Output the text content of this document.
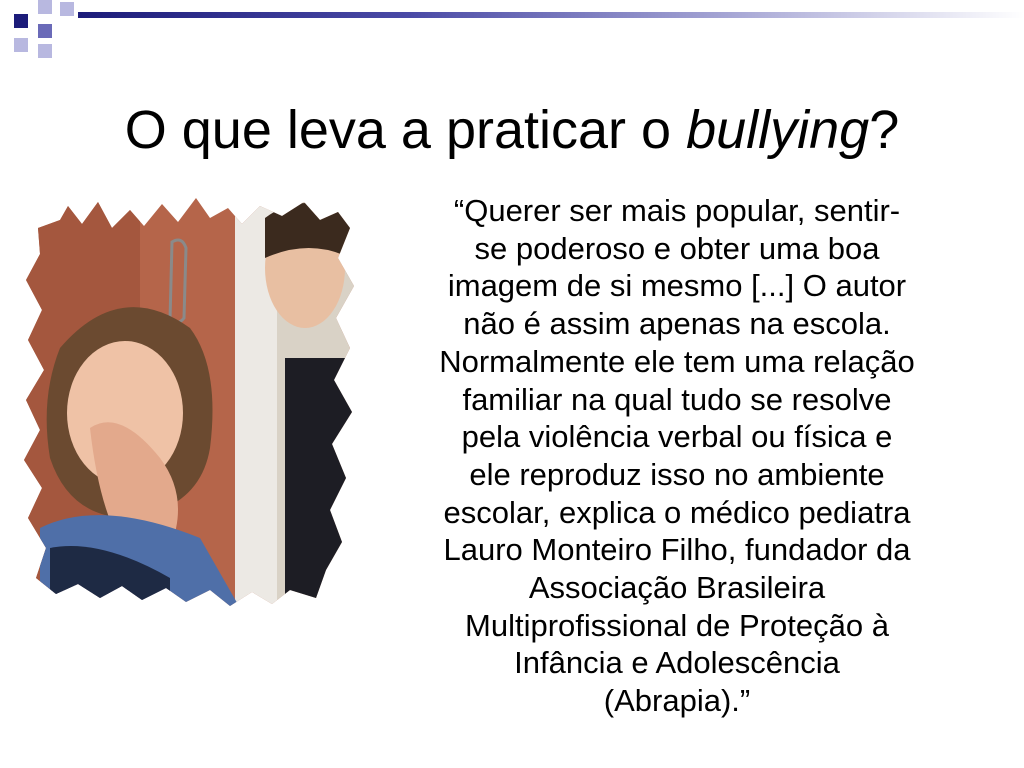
O que leva a praticar o bullying?
“Querer ser mais popular, sentir-
se poderoso e obter uma boa
imagem de si mesmo [...] O autor
não é assim apenas na escola.
Normalmente ele tem uma relação
familiar na qual tudo se resolve
pela violência verbal ou física e
ele reproduz isso no ambiente
escolar, explica o médico pediatra
Lauro Monteiro Filho, fundador da
Associação Brasileira
Multiprofissional de Proteção à
Infância e Adolescência
(Abrapia).”
